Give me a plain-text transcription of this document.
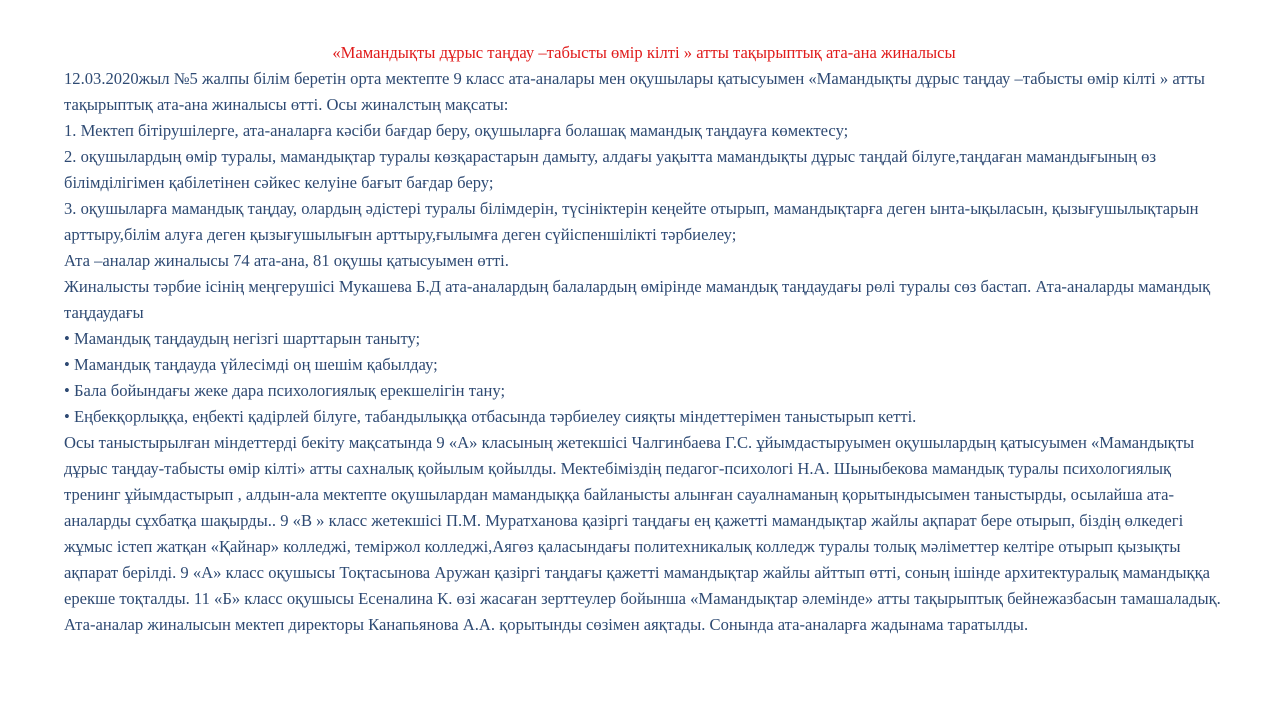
«Мамандықты дұрыс таңдау –табысты өмір кілті » атты тақырыптық ата-ана жиналысы

12.03.2020жыл №5 жалпы білім беретін орта мектепте 9 класс ата-аналары мен оқушылары қатысуымен «Мамандықты дұрыс таңдау –табысты өмір кілті » атты тақырыптық ата-ана жиналысы өтті. Осы жиналстың мақсаты:

1. Мектеп бітірушілерге, ата-аналарға кәсіби бағдар беру, оқушыларға болашақ мамандық таңдауға көмектесу;

2. оқушылардың өмір туралы, мамандықтар туралы көзқарастарын дамыту, алдағы уақытта мамандықты дұрыс таңдай білуге,таңдаған мамандығының өз білімділігімен қабілетінен сәйкес келуіне бағыт бағдар беру;

3. оқушыларға мамандық таңдау, олардың әдістері туралы білімдерін, түсініктерін кеңейте отырып, мамандықтарға деген ынта-ықыласын, қызығушылықтарын арттыру,білім алуға деген қызығушылығын арттыру,ғылымға деген сүйіспеншілікті тәрбиелеу;

Ата –аналар жиналысы 74 ата-ана, 81 оқушы қатысуымен өтті.

Жиналысты тәрбие ісінің меңгерушісі Мукашева Б.Д ата-аналардың балалардың өмірінде мамандық таңдаудағы рөлі туралы сөз бастап. Ата-аналарды мамандық таңдаудағы

• Мамандық таңдаудың негізгі шарттарын таныту;

• Мамандық таңдауда үйлесімді оң шешім қабылдау;

• Бала бойындағы жеке дара психологиялық ерекшелігін тану;

• Еңбекқорлыққа, еңбекті қадірлей білуге, табандылыққа отбасында тәрбиелеу сияқты міндеттерімен таныстырып кетті.

Осы таныстырылған міндеттерді бекіту мақсатында 9 «А» класының жетекшісі Чалгинбаева Г.С. ұйымдастыруымен оқушылардың қатысуымен «Мамандықты дұрыс таңдау-табысты өмір кілті» атты сахналық қойылым қойылды. Мектебіміздің педагог-психологі Н.А. Шыныбекова мамандық туралы психологиялық тренинг ұйымдастырып , алдын-ала мектепте оқушылардан мамандыққа байланысты алынған сауалнаманың қорытындысымен таныстырды, осылайша ата-аналарды сұхбатқа шақырды.. 9 «В » класс жетекшісі П.М. Муратханова қазіргі таңдағы ең қажетті мамандықтар жайлы ақпарат бере отырып, біздің өлкедегі жұмыс істеп жатқан «Қайнар» колледжі, теміржол колледжі,Аягөз қаласындағы политехникалық колледж туралы толық мәліметтер келтіре отырып қызықты ақпарат берілді. 9 «А» класс оқушысы Тоқтасынова Аружан қазіргі таңдағы қажетті мамандықтар жайлы айттып өтті, соның ішінде архитектуралық мамандыққа ерекше тоқталды. 11 «Б» класс оқушысы Есеналина К. өзі жасаған зерттеулер бойынша «Мамандықтар әлемінде» атты тақырыптық бейнежазбасын тамашаладық. Ата-аналар жиналысын мектеп директоры Канапьянова А.А. қорытынды сөзімен аяқтады. Сонында ата-аналарға жадынама таратылды.
